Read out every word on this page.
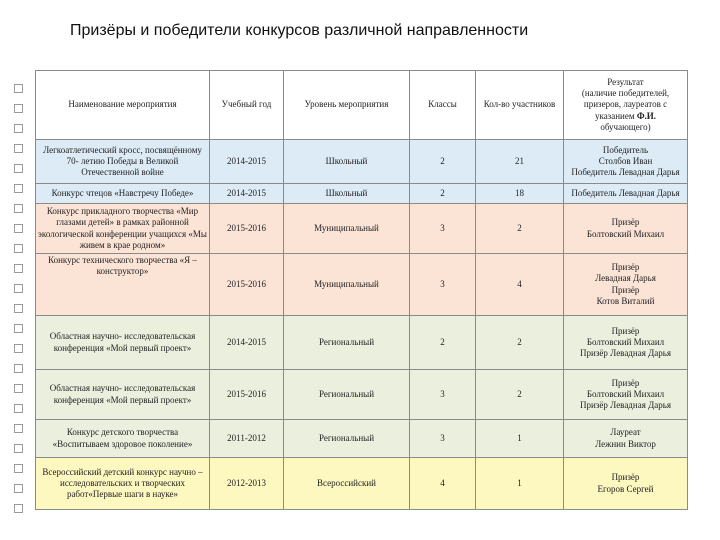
Призёры и победители конкурсов различной направленности
Наименование мероприятия	Учебный год	Уровень мероприятия	Классы	Кол-во участников	Результат
(наличие победителей,
призеров, лауреатов с
указанием Ф.И.
обучающего)

Легкоатлетический кросс, посвящённому 70- летию Победы в Великой Отечественной войне	2014-2015	Школьный	2	21	Победитель
Столбов Иван
Победитель Левадная Дарья

Конкурс чтецов «Навстречу Победе»	2014-2015	Школьный	2	18	Победитель Левадная Дарья

Конкурс прикладного творчества «Мир глазами детей» в рамках районной экологической конференции учащихся «Мы живем в крае родном»	2015-2016	Муниципальный	3	2	Призёр
Болтовский Михаил

Конкурс технического творчества «Я – конструктор»	2015-2016	Муниципальный	3	4	Призёр
Левадная Дарья
Призёр
Котов Виталий

Областная научно- исследовательская конференция «Мой первый проект»	2014-2015	Региональный	2	2	Призёр
Болтовский Михаил
Призёр Левадная Дарья

Областная научно- исследовательская конференция «Мой первый проект»	2015-2016	Региональный	3	2	Призёр
Болтовский Михаил
Призёр Левадная Дарья

Конкурс детского творчества «Воспитываем здоровое поколение»	2011-2012	Региональный	3	1	Лауреат
Лежнин Виктор

Всероссийский детский конкурс научно –исследовательских и творческих работ«Первые шаги в науке»	2012-2013	Всероссийский	4	1	Призёр
Егоров Сергей
